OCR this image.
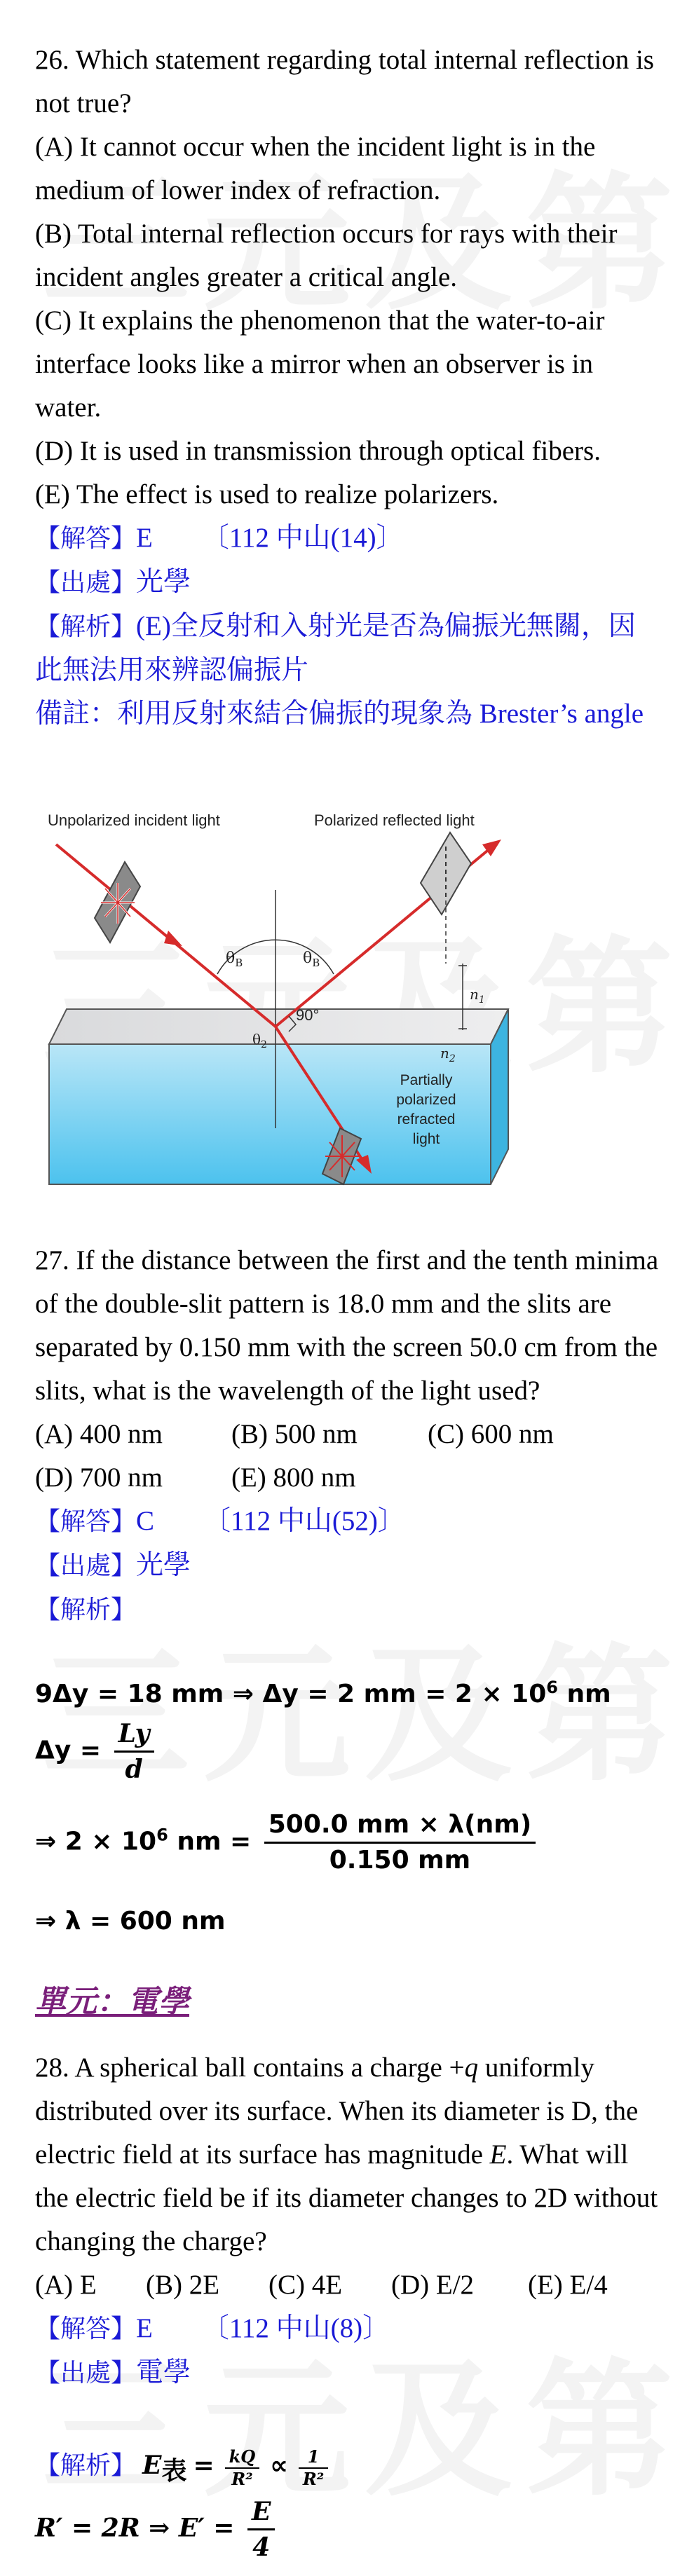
26. Which statement regarding total internal reflection is not true?

(A) It cannot occur when the incident light is in the medium of lower index of refraction.

(B) Total internal reflection occurs for rays with their incident angles greater a critical angle.

(C) It explains the phenomenon that the water-to-air interface looks like a mirror when an observer is in water.

(D) It is used in transmission through optical fibers.

(E) The effect is used to realize polarizers.

【解答】E 〔112 中山(14)〕

【出處】光學

【解析】(E)全反射和入射光是否為偏振光無關，因此無法用來辨認偏振片

備註：利用反射來結合偏振的現象為 Brester’s angle

Unpolarized incident light	Polarized reflected light
$\theta_B$	$\theta_B$
$\theta_2$
90°
$n_1$
$n_2$
Partially
polarized
refracted
light

27. If the distance between the first and the tenth minima of the double-slit pattern is 18.0 mm and the slits are separated by 0.150 mm with the screen 50.0 cm from the slits, what is the wavelength of the light used?

(A) 400 nm	(B) 500 nm	(C) 600 nm

(D) 700 nm	(E) 800 nm

【解答】C 〔112 中山(52)〕

【出處】光學

【解析】

9Δy = 18 mm ⇒ Δy = 2 mm = $2 \times 10^6$ nm
$\Delta y = \frac{Ly}{d}$
⇒ $2 \times 10^6$ nm = $\frac{500.0 mm \times \lambda(nm)}{0.150 mm}$
⇒ λ = 600 nm
單元：電學

28. A spherical ball contains a charge +q uniformly distributed over its surface. When its diameter is D, the electric field at its surface has magnitude E. What will the electric field be if its diameter changes to 2D without changing the charge?

(A) E	(B) 2E	(C) 4E	(D) E/2	(E) E/4

【解答】E 〔112 中山(8)〕

【出處】電學

【解析】 $E_表 = \frac{kQ}{\text{R²}} \propto \frac{1}{\text{R²}}$
R′ = 2R ⇒ $E' = \frac{E}{4}$
